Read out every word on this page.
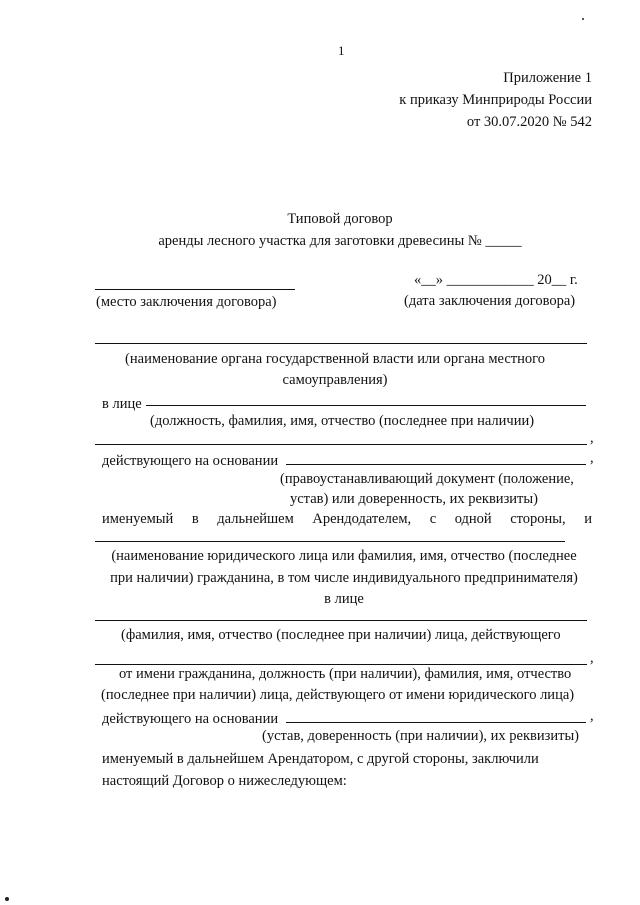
1
Приложение 1
к приказу Минприроды России
от 30.07.2020 № 542
Типовой договор
аренды лесного участка для заготовки древесины № _____
(место заключения договора)
«__» ____________ 20__ г.
(дата заключения договора)
(наименование органа государственной власти или органа местного
самоуправления)
в лице
(должность, фамилия, имя, отчество (последнее при наличии)
,
действующего на основании	,
(правоустанавливающий документ (положение,
устав) или доверенность, их реквизиты)
именуемый в дальнейшем Арендодателем, с одной стороны, и
(наименование юридического лица или фамилия, имя, отчество (последнее
при наличии) гражданина, в том числе индивидуального предпринимателя)
в лице
(фамилия, имя, отчество (последнее при наличии) лица, действующего
,
от имени гражданина, должность (при наличии), фамилия, имя, отчество
(последнее при наличии) лица, действующего от имени юридического лица)
действующего на основании	,
(устав, доверенность (при наличии), их реквизиты)
именуемый в дальнейшем Арендатором, с другой стороны, заключили
настоящий Договор о нижеследующем:
